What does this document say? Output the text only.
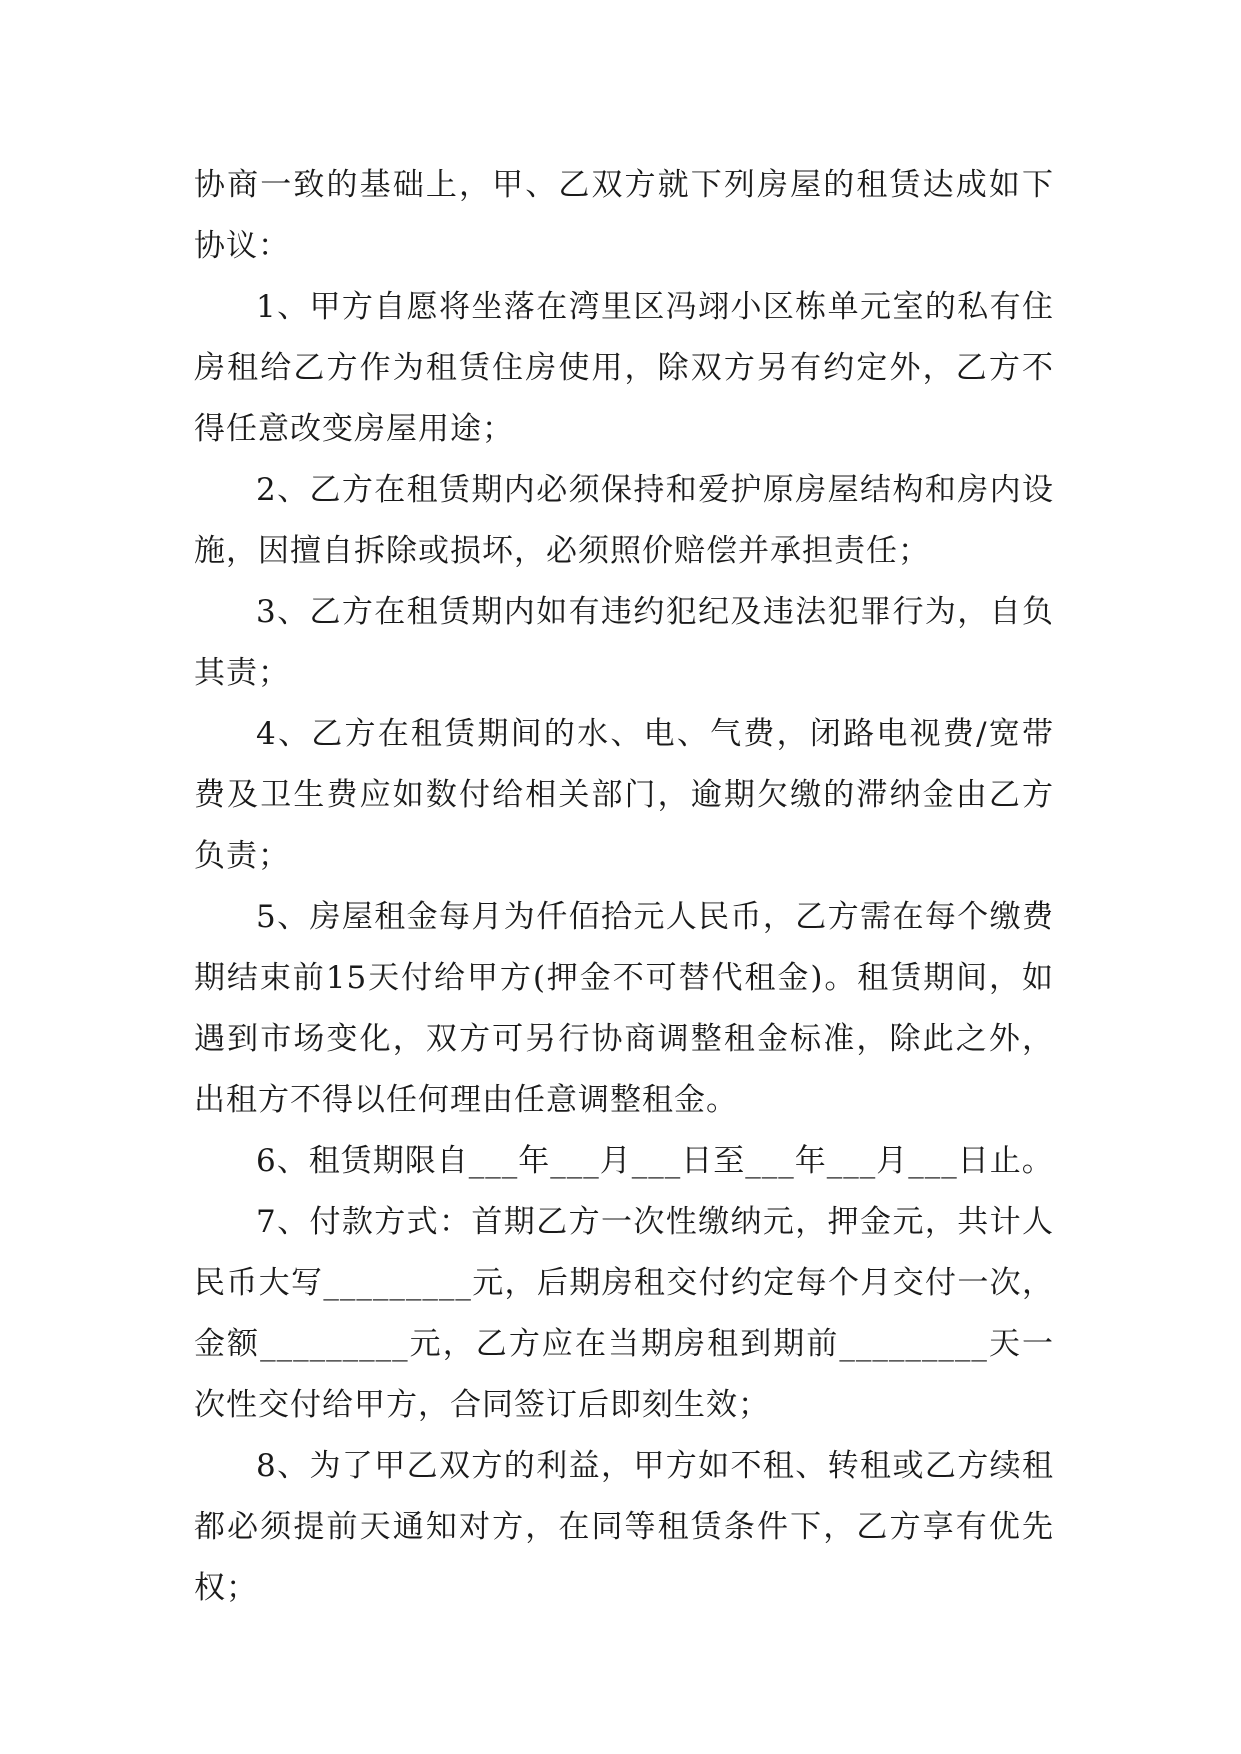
协商一致的基础上，甲、乙双方就下列房屋的租赁达成如下协议：

1、甲方自愿将坐落在湾里区冯翊小区栋单元室的私有住房租给乙方作为租赁住房使用，除双方另有约定外，乙方不得任意改变房屋用途；

2、乙方在租赁期内必须保持和爱护原房屋结构和房内设施，因擅自拆除或损坏，必须照价赔偿并承担责任；

3、乙方在租赁期内如有违约犯纪及违法犯罪行为，自负其责；

4、乙方在租赁期间的水、电、气费，闭路电视费/宽带费及卫生费应如数付给相关部门，逾期欠缴的滞纳金由乙方负责；

5、房屋租金每月为仟佰拾元人民币，乙方需在每个缴费期结束前15天付给甲方(押金不可替代租金)。租赁期间，如遇到市场变化，双方可另行协商调整租金标准，除此之外，出租方不得以任何理由任意调整租金。

6、租赁期限自___年___月___日至___年___月___日止。

7、付款方式：首期乙方一次性缴纳元，押金元，共计人民币大写_________元，后期房租交付约定每个月交付一次，金额_________元，乙方应在当期房租到期前_________天一次性交付给甲方，合同签订后即刻生效；

8、为了甲乙双方的利益，甲方如不租、转租或乙方续租都必须提前天通知对方，在同等租赁条件下，乙方享有优先权；
